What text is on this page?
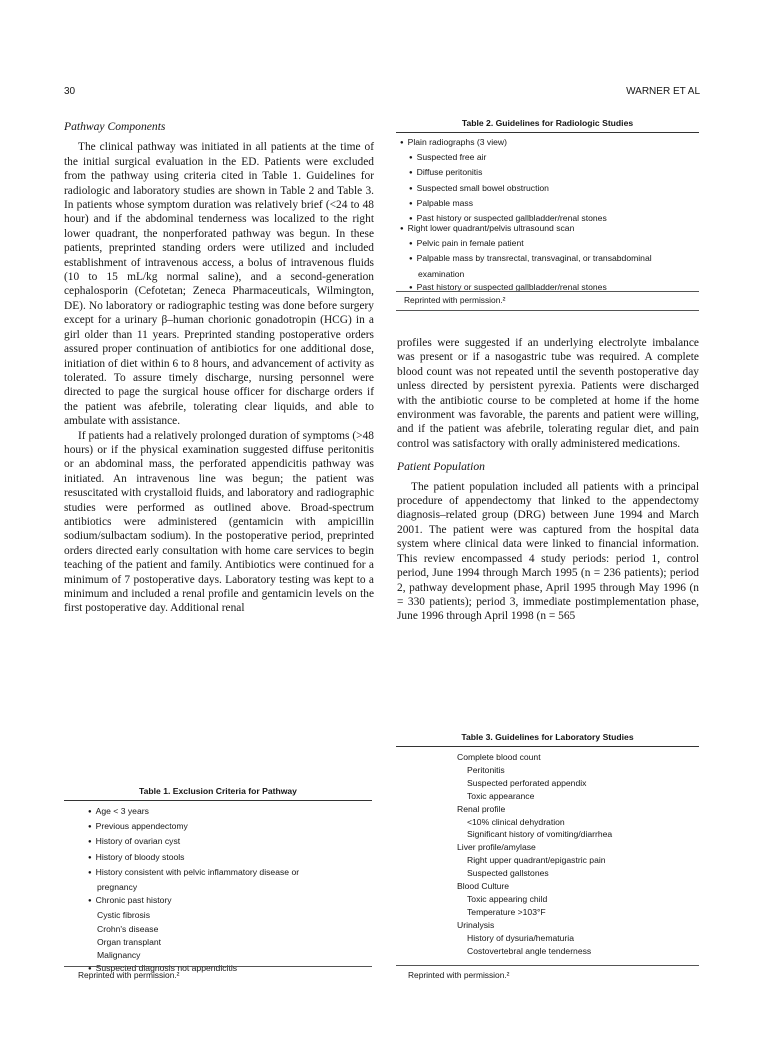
30	WARNER ET AL
Pathway Components

The clinical pathway was initiated in all patients at the time of the initial surgical evaluation in the ED. Patients were excluded from the pathway using criteria cited in Table 1. Guidelines for radiologic and laboratory studies are shown in Table 2 and Table 3. In patients whose symptom duration was relatively brief (<24 to 48 hour) and if the abdominal tenderness was localized to the right lower quadrant, the nonperforated pathway was begun. In these patients, preprinted standing orders were utilized and included establishment of intravenous access, a bolus of intravenous fluids (10 to 15 mL/kg normal saline), and a second-generation cephalosporin (Cefotetan; Zeneca Pharmaceuticals, Wilmington, DE). No laboratory or radiographic testing was done before surgery except for a urinary β–human chorionic gonadotropin (HCG) in a girl older than 11 years. Preprinted standing postoperative orders assured proper continuation of antibiotics for one additional dose, initiation of diet within 6 to 8 hours, and advancement of activity as tolerated. To assure timely discharge, nursing personnel were directed to page the surgical house officer for discharge orders if the patient was afebrile, tolerating clear liquids, and able to ambulate with assistance.

If patients had a relatively prolonged duration of symptoms (>48 hours) or if the physical examination suggested diffuse peritonitis or an abdominal mass, the perforated appendicitis pathway was initiated. An intravenous line was begun; the patient was resuscitated with crystalloid fluids, and laboratory and radiographic studies were performed as outlined above. Broad-spectrum antibiotics were administered (gentamicin with ampicillin sodium/sulbactam sodium). In the postoperative period, preprinted orders directed early consultation with home care services to begin teaching of the patient and family. Antibiotics were continued for a minimum of 7 postoperative days. Laboratory testing was kept to a minimum and included a renal profile and gentamicin levels on the first postoperative day. Additional renal

Table 2. Guidelines for Radiologic Studies
● Plain radiographs (3 view)
● Suspected free air
● Diffuse peritonitis
● Suspected small bowel obstruction
● Palpable mass
● Past history or suspected gallbladder/renal stones
● Right lower quadrant/pelvis ultrasound scan
● Pelvic pain in female patient
● Palpable mass by transrectal, transvaginal, or transabdominal
examination
● Past history or suspected gallbladder/renal stones
Reprinted with permission.²

profiles were suggested if an underlying electrolyte imbalance was present or if a nasogastric tube was required. A complete blood count was not repeated until the seventh postoperative day unless directed by persistent pyrexia. Patients were discharged with the antibiotic course to be completed at home if the home environment was favorable, the parents and patient were willing, and if the patient was afebrile, tolerating regular diet, and pain control was satisfactory with orally administered medications.

Patient Population

The patient population included all patients with a principal procedure of appendectomy that linked to the appendectomy diagnosis–related group (DRG) between June 1994 and March 2001. The patient were was captured from the hospital data system where clinical data were linked to financial information. This review encompassed 4 study periods: period 1, control period, June 1994 through March 1995 (n = 236 patients); period 2, pathway development phase, April 1995 through May 1996 (n = 330 patients); period 3, immediate postimplementation phase, June 1996 through April 1998 (n = 565

Table 1. Exclusion Criteria for Pathway
● Age < 3 years
● Previous appendectomy
● History of ovarian cyst
● History of bloody stools
● History consistent with pelvic inflammatory disease or
pregnancy
● Chronic past history
Cystic fibrosis
Crohn's disease
Organ transplant
Malignancy
● Suspected diagnosis not appendicitis
Reprinted with permission.²
Table 3. Guidelines for Laboratory Studies
Complete blood count
Peritonitis
Suspected perforated appendix
Toxic appearance
Renal profile
<10% clinical dehydration
Significant history of vomiting/diarrhea
Liver profile/amylase
Right upper quadrant/epigastric pain
Suspected gallstones
Blood Culture
Toxic appearing child
Temperature >103°F
Urinalysis
History of dysuria/hematuria
Costovertebral angle tenderness
Reprinted with permission.²
